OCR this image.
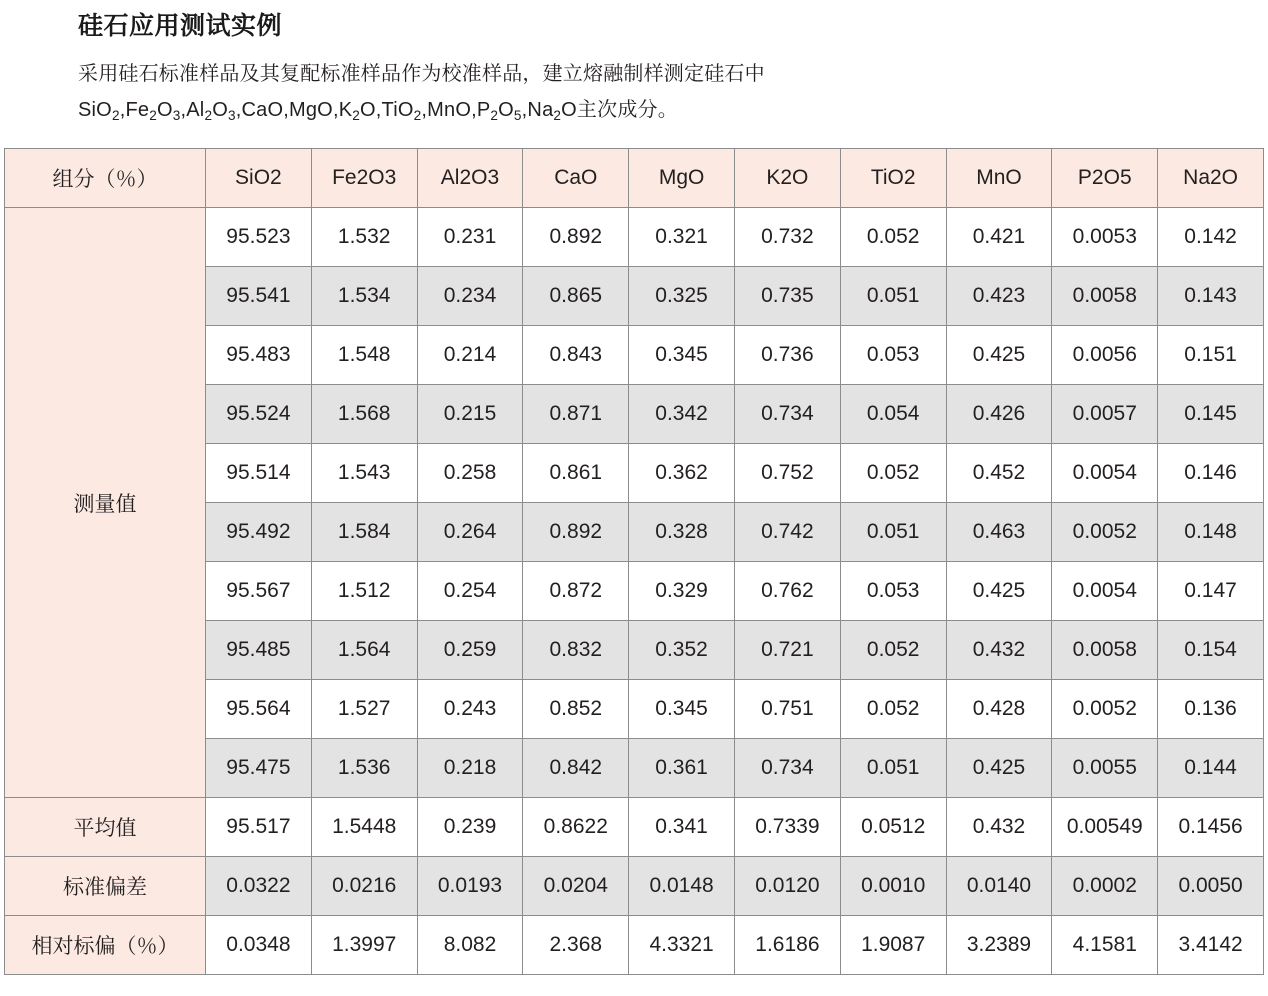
硅石应用测试实例
采用硅石标准样品及其复配标准样品作为校准样品，建立熔融制样测定硅石中
$SiO_2,Fe_2O_3,Al_2O_3,CaO,MgO,K_2O,TiO_2,MnO,P_2O_5,Na_2O$主次成分。
组分（％）	SiO2	Fe2O3	Al2O3	CaO	MgO	K2O	TiO2	MnO	P2O5	Na2O
测量值	95.523	1.532	0.231	0.892	0.321	0.732	0.052	0.421	0.0053	0.142
	95.541	1.534	0.234	0.865	0.325	0.735	0.051	0.423	0.0058	0.143
	95.483	1.548	0.214	0.843	0.345	0.736	0.053	0.425	0.0056	0.151
	95.524	1.568	0.215	0.871	0.342	0.734	0.054	0.426	0.0057	0.145
	95.514	1.543	0.258	0.861	0.362	0.752	0.052	0.452	0.0054	0.146
	95.492	1.584	0.264	0.892	0.328	0.742	0.051	0.463	0.0052	0.148
	95.567	1.512	0.254	0.872	0.329	0.762	0.053	0.425	0.0054	0.147
	95.485	1.564	0.259	0.832	0.352	0.721	0.052	0.432	0.0058	0.154
	95.564	1.527	0.243	0.852	0.345	0.751	0.052	0.428	0.0052	0.136
	95.475	1.536	0.218	0.842	0.361	0.734	0.051	0.425	0.0055	0.144
平均值	95.517	1.5448	0.239	0.8622	0.341	0.7339	0.0512	0.432	0.00549	0.1456
标准偏差	0.0322	0.0216	0.0193	0.0204	0.0148	0.0120	0.0010	0.0140	0.0002	0.0050
相对标偏（％）	0.0348	1.3997	8.082	2.368	4.3321	1.6186	1.9087	3.2389	4.1581	3.4142
